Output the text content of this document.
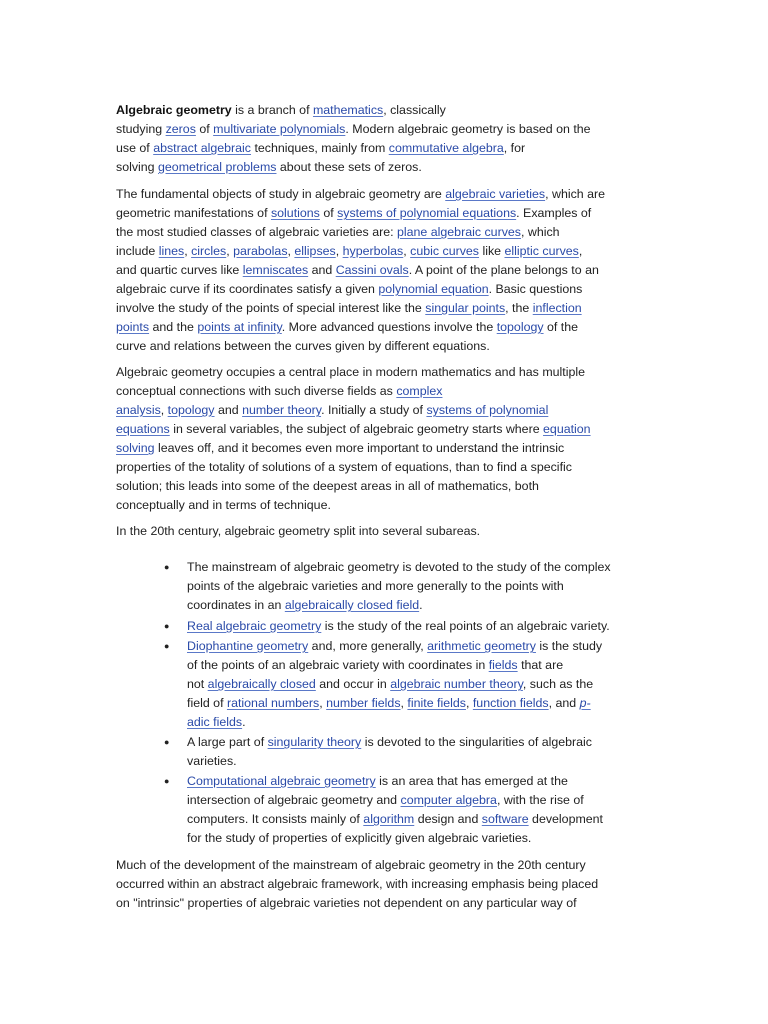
Algebraic geometry is a branch of mathematics, classically
studying zeros of multivariate polynomials. Modern algebraic geometry is based on the
use of abstract algebraic techniques, mainly from commutative algebra, for
solving geometrical problems about these sets of zeros.
The fundamental objects of study in algebraic geometry are algebraic varieties, which are
geometric manifestations of solutions of systems of polynomial equations. Examples of
the most studied classes of algebraic varieties are: plane algebraic curves, which
include lines, circles, parabolas, ellipses, hyperbolas, cubic curves like elliptic curves,
and quartic curves like lemniscates and Cassini ovals. A point of the plane belongs to an
algebraic curve if its coordinates satisfy a given polynomial equation. Basic questions
involve the study of the points of special interest like the singular points, the inflection
points and the points at infinity. More advanced questions involve the topology of the
curve and relations between the curves given by different equations.
Algebraic geometry occupies a central place in modern mathematics and has multiple
conceptual connections with such diverse fields as complex
analysis, topology and number theory. Initially a study of systems of polynomial
equations in several variables, the subject of algebraic geometry starts where equation
solving leaves off, and it becomes even more important to understand the intrinsic
properties of the totality of solutions of a system of equations, than to find a specific
solution; this leads into some of the deepest areas in all of mathematics, both
conceptually and in terms of technique.
In the 20th century, algebraic geometry split into several subareas.
● The mainstream of algebraic geometry is devoted to the study of the complex
points of the algebraic varieties and more generally to the points with
coordinates in an algebraically closed field.
● Real algebraic geometry is the study of the real points of an algebraic variety.
● Diophantine geometry and, more generally, arithmetic geometry is the study
of the points of an algebraic variety with coordinates in fields that are
not algebraically closed and occur in algebraic number theory, such as the
field of rational numbers, number fields, finite fields, function fields, and p-
adic fields.
● A large part of singularity theory is devoted to the singularities of algebraic
varieties.
● Computational algebraic geometry is an area that has emerged at the
intersection of algebraic geometry and computer algebra, with the rise of
computers. It consists mainly of algorithm design and software development
for the study of properties of explicitly given algebraic varieties.
Much of the development of the mainstream of algebraic geometry in the 20th century
occurred within an abstract algebraic framework, with increasing emphasis being placed
on "intrinsic" properties of algebraic varieties not dependent on any particular way of
